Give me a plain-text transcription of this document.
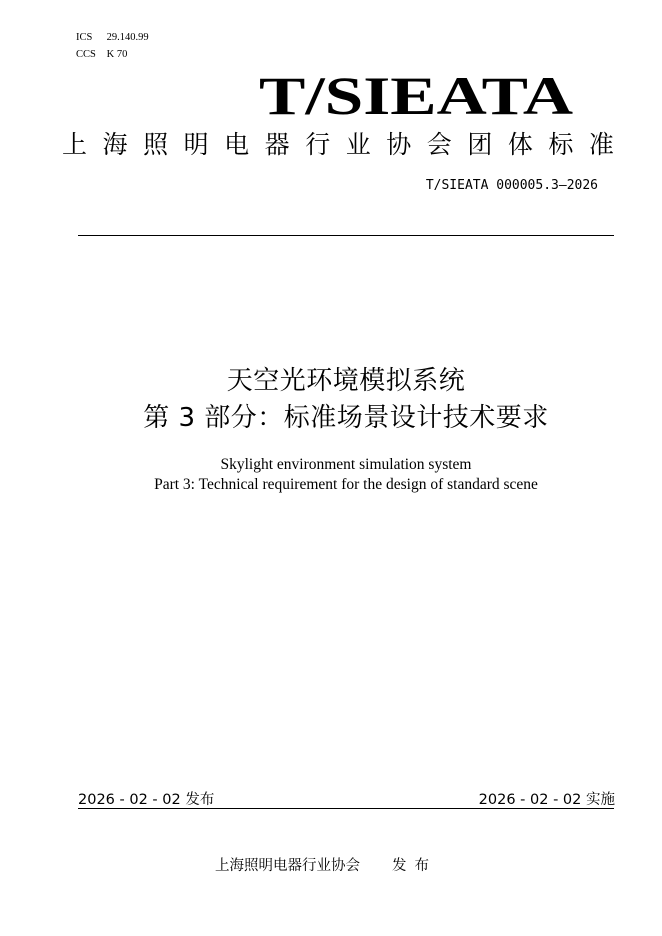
ICS 29.140.99
CCS K 70
T/SIEATA
上 海 照 明 电 器 行 业 协 会 团 体 标 准
T/SIEATA 000005.3—2026
天空光环境模拟系统
第 3 部分：标准场景设计技术要求
Skylight environment simulation system
Part 3: Technical requirement for the design of standard scene
2026 - 02 - 02 发布	2026 - 02 - 02 实施
上海照明电器行业协会 发布
